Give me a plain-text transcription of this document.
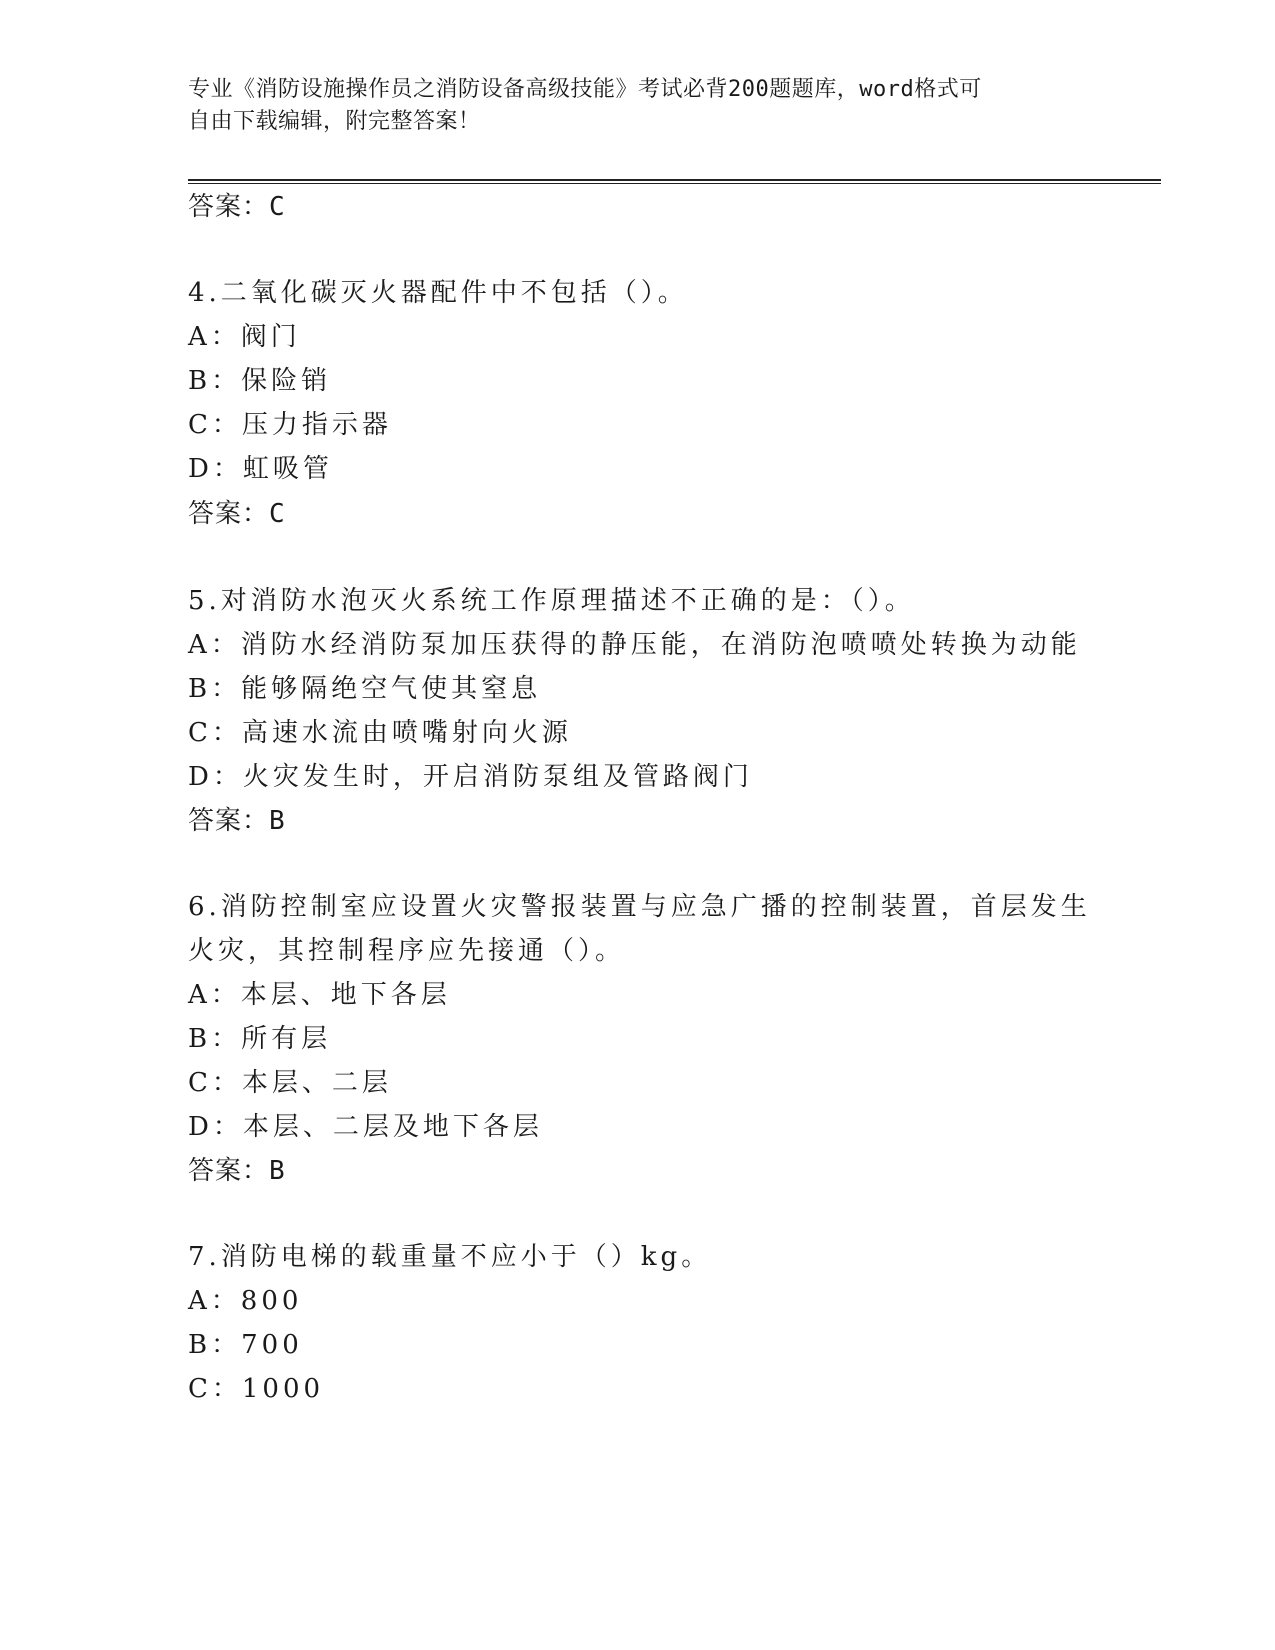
专业《消防设施操作员之消防设备高级技能》考试必背200题题库，word格式可
自由下载编辑，附完整答案！
答案：C
4.二氧化碳灭火器配件中不包括（）。
A：阀门
B：保险销
C：压力指示器
D：虹吸管
答案：C
5.对消防水泡灭火系统工作原理描述不正确的是：（）。
A：消防水经消防泵加压获得的静压能，在消防泡喷喷处转换为动能
B：能够隔绝空气使其窒息
C：高速水流由喷嘴射向火源
D：火灾发生时，开启消防泵组及管路阀门
答案：B
6.消防控制室应设置火灾警报装置与应急广播的控制装置，首层发生
火灾，其控制程序应先接通（）。
A：本层、地下各层
B：所有层
C：本层、二层
D：本层、二层及地下各层
答案：B
7.消防电梯的载重量不应小于（）kg。
A：800
B：700
C：1000
